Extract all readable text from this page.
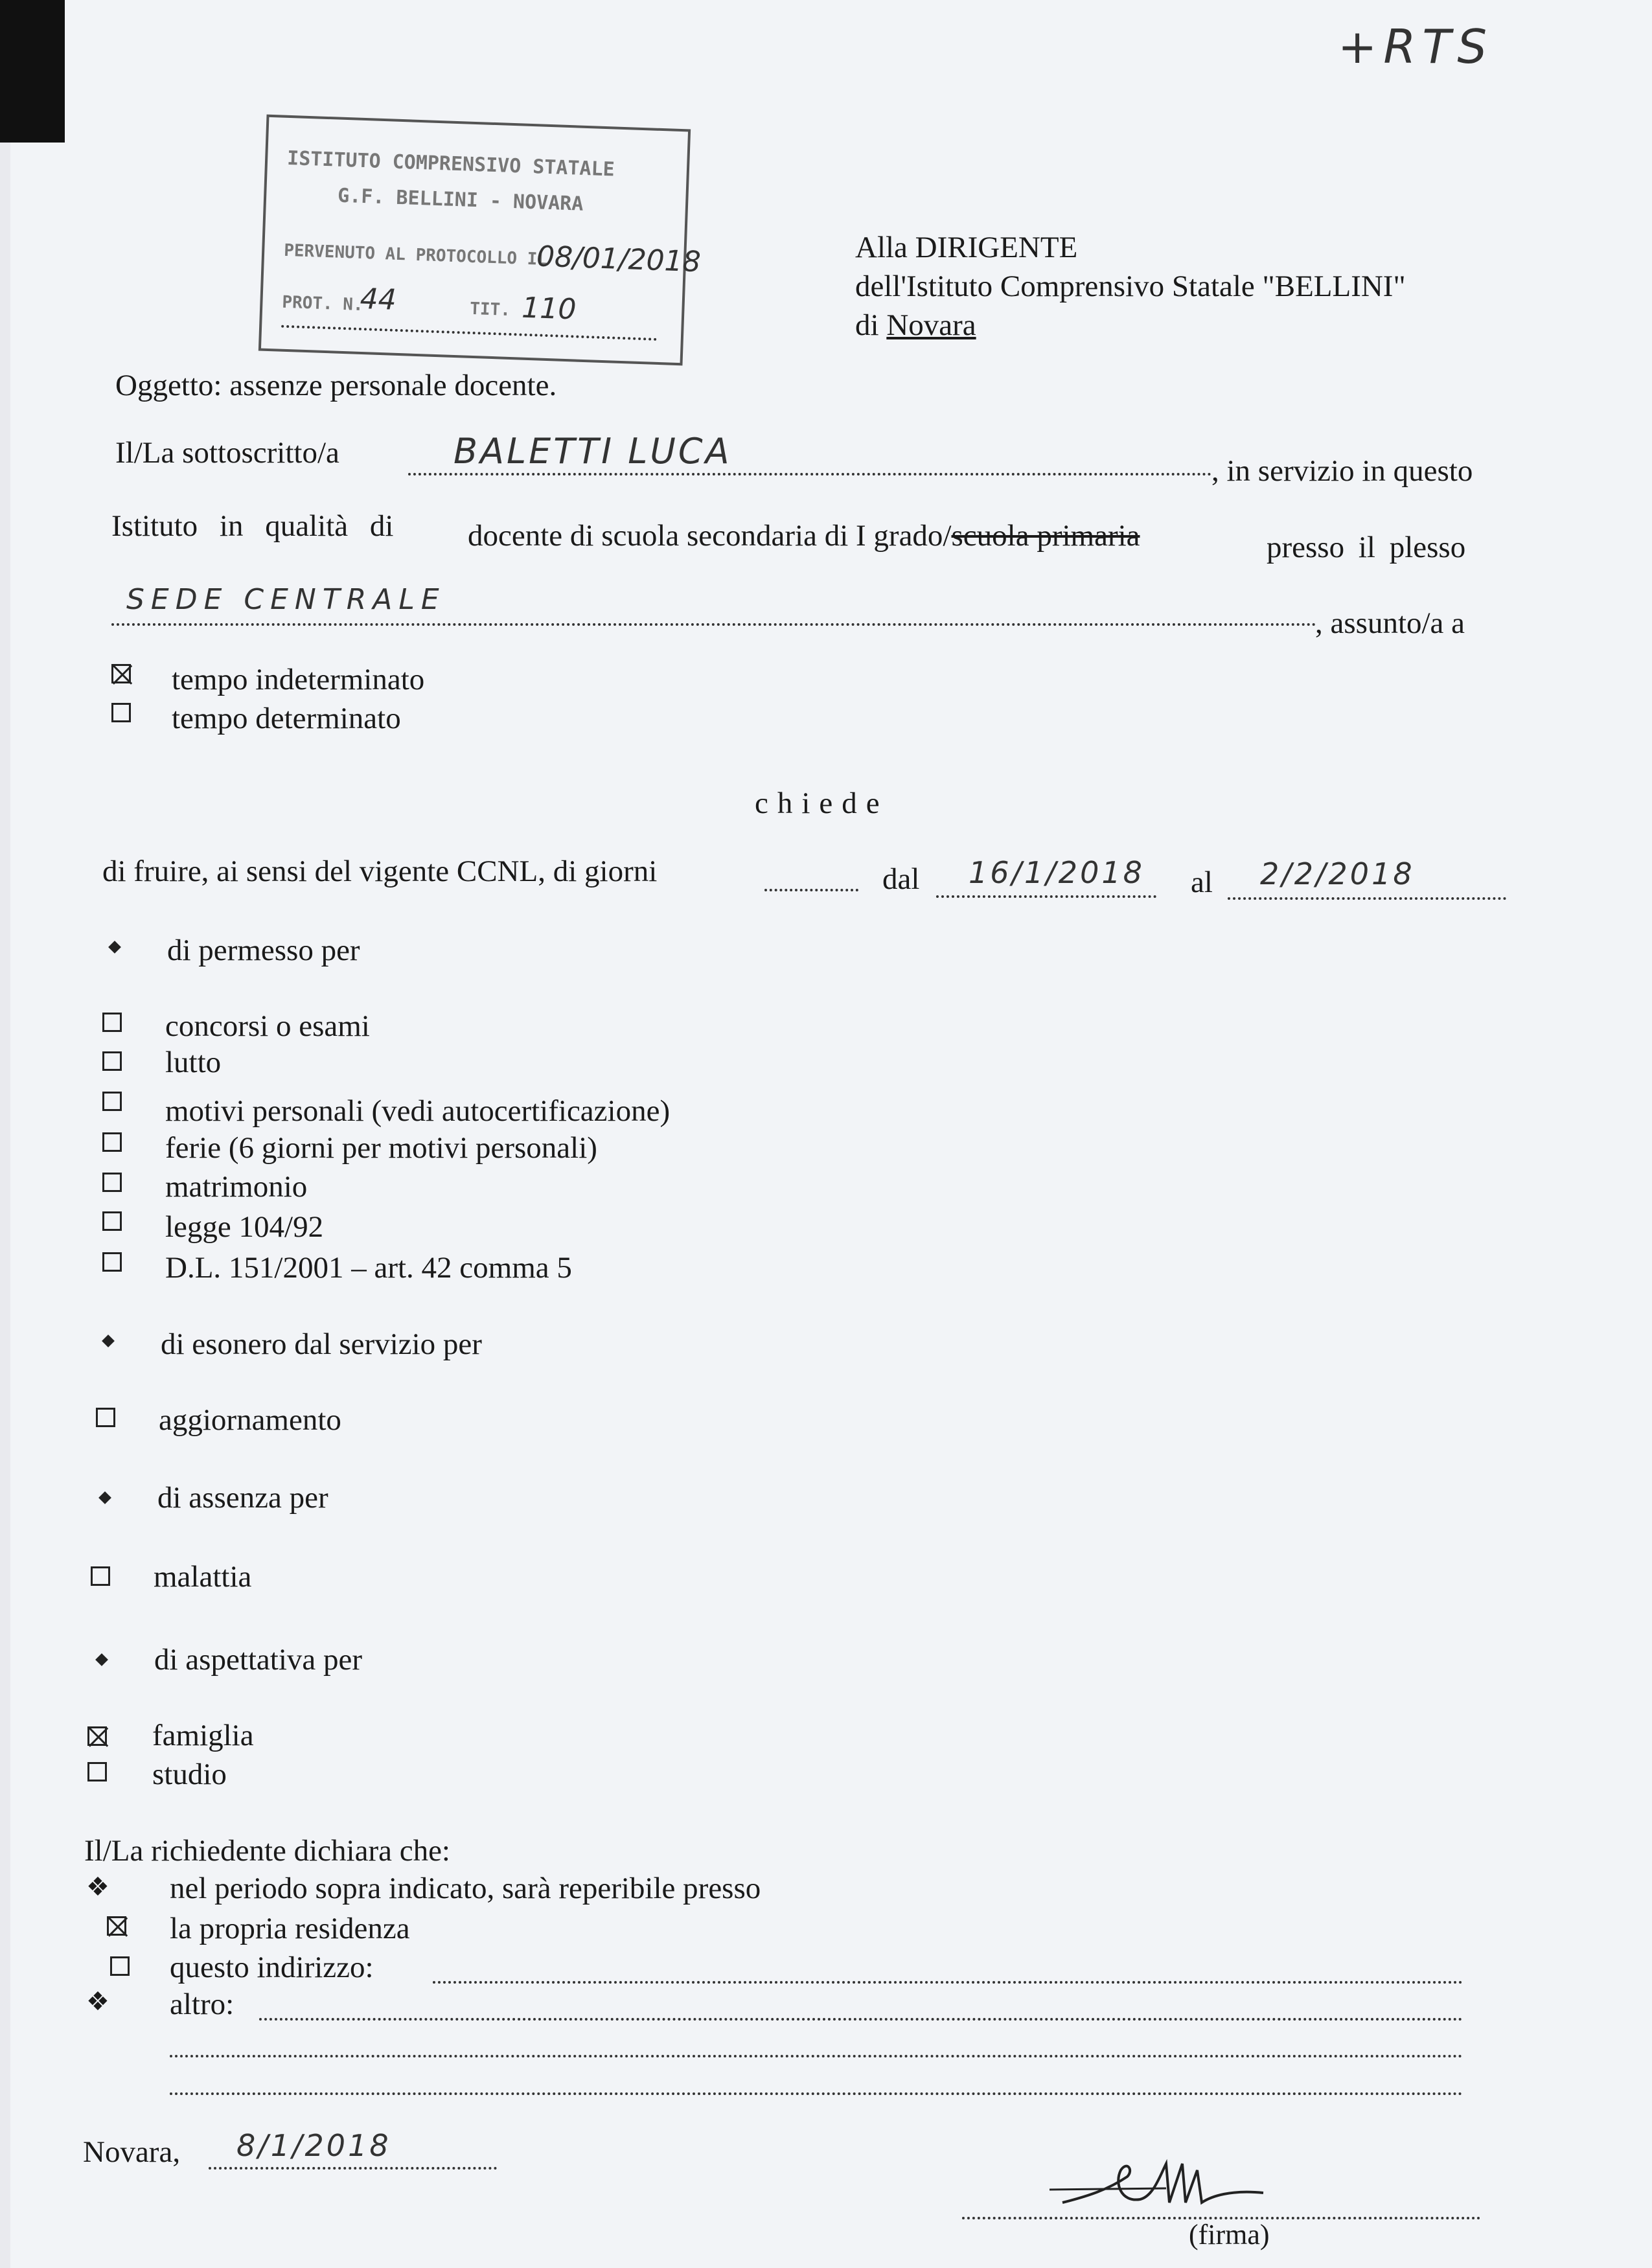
+RTS
ISTITUTO COMPRENSIVO STATALE
G.F. BELLINI - NOVARA
PERVENUTO AL PROTOCOLLO IL
08/01/2018
PROT. N.
44	TIT. 110
Alla DIRIGENTE
dell'Istituto Comprensivo Statale "BELLINI"
di Novara
Oggetto: assenze personale docente.
Il/La sottoscritto/a	BALETTI LUCA	, in servizio in questo
Istituto in qualità di docente di scuola secondaria di I grado/scuola primaria	presso il plesso
SEDE CENTRALE
, assunto/a a
tempo indeterminato
tempo determinato
chiede
di fruire, ai sensi del vigente CCNL, di giorni	dal 16/1/2018 al 2/2/2018
di permesso per
concorsi o esami
lutto
motivi personali (vedi autocertificazione)
ferie (6 giorni per motivi personali)
matrimonio
legge 104/92
D.L. 151/2001 – art. 42 comma 5
di esonero dal servizio per
aggiornamento
di assenza per
malattia
di aspettativa per
famiglia
studio
Il/La richiedente dichiara che:
❖ nel periodo sopra indicato, sarà reperibile presso
la propria residenza
questo indirizzo:
❖ altro:
Novara, 8/1/2018
(firma)
